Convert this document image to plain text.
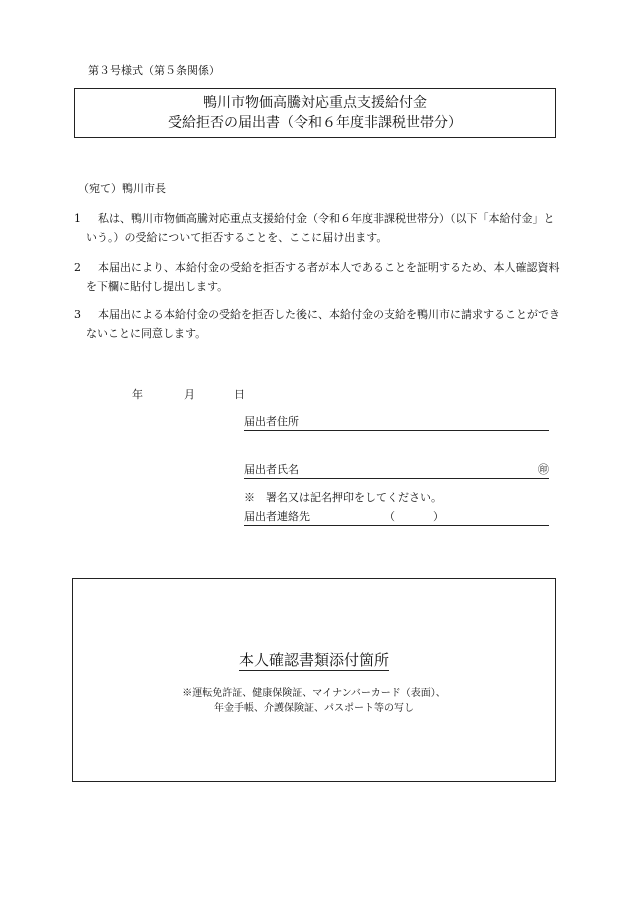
第３号様式（第５条関係）
鴨川市物価高騰対応重点支援給付金
受給拒否の届出書（令和６年度非課税世帯分）
（宛て）鴨川市長
1	私は、鴨川市物価高騰対応重点支援給付金（令和６年度非課税世帯分）（以下「本給付金」という。）の受給について拒否することを、ここに届け出ます。
2	本届出により、本給付金の受給を拒否する者が本人であることを証明するため、本人確認資料を下欄に貼付し提出します。
3	本届出による本給付金の受給を拒否した後に、本給付金の支給を鴨川市に請求することができないことに同意します。
年	月	日
届出者住所
届出者氏名	㊞
※　署名又は記名押印をしてください。
届出者連絡先	（	）
本人確認書類添付箇所
※運転免許証、健康保険証、マイナンバーカード（表面）、
年金手帳、介護保険証、パスポート等の写し
